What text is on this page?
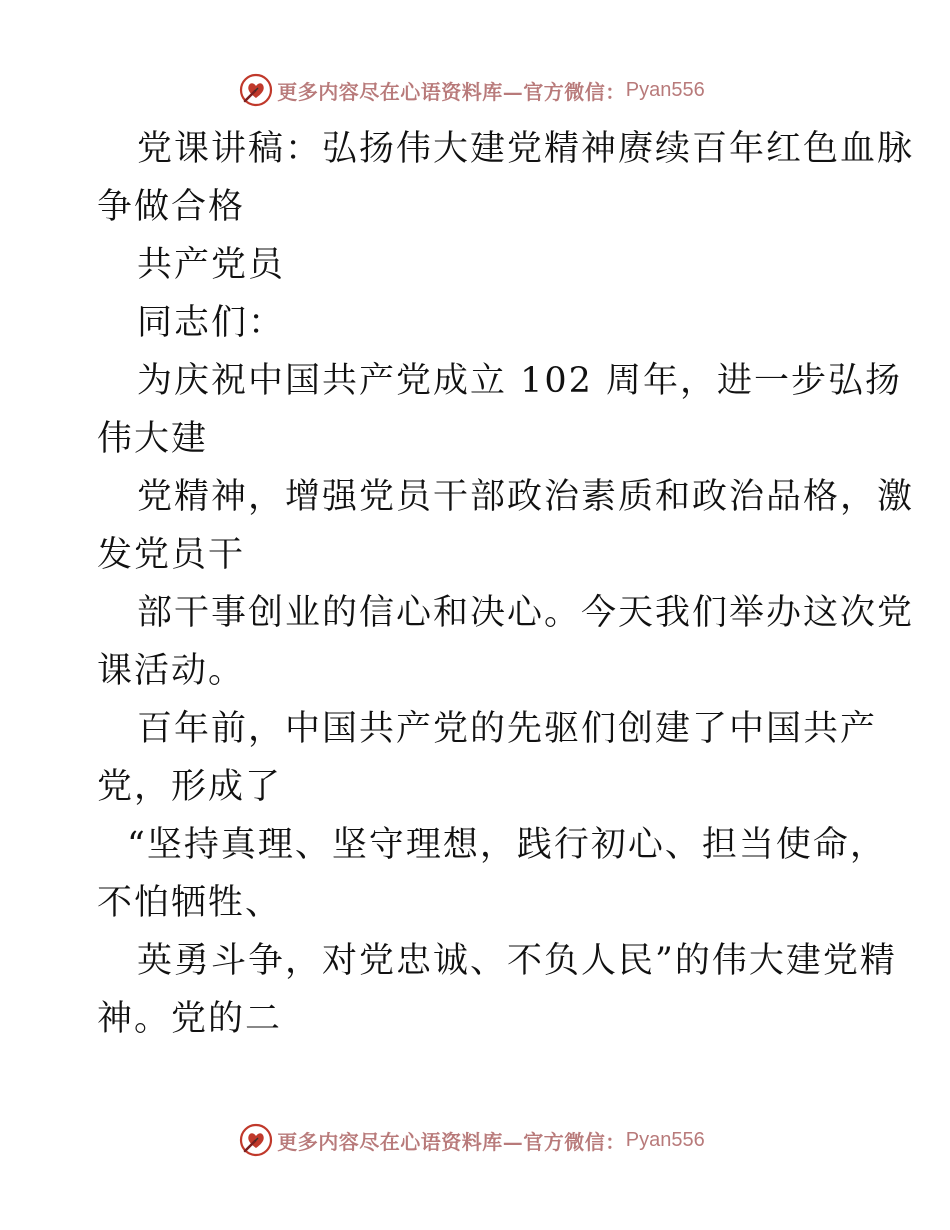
更多内容尽在心语资料库—官方微信： Pyan556
党课讲稿：弘扬伟大建党精神赓续百年红色血脉
争做合格
共产党员
同志们：
为庆祝中国共产党成立 102 周年，进一步弘扬
伟大建
党精神，增强党员干部政治素质和政治品格，激
发党员干
部干事创业的信心和决心。今天我们举办这次党
课活动。
百年前，中国共产党的先驱们创建了中国共产
党，形成了
“坚持真理、坚守理想，践行初心、担当使命，
不怕牺牲、
英勇斗争，对党忠诚、不负人民”的伟大建党精
神。党的二
更多内容尽在心语资料库—官方微信： Pyan556
